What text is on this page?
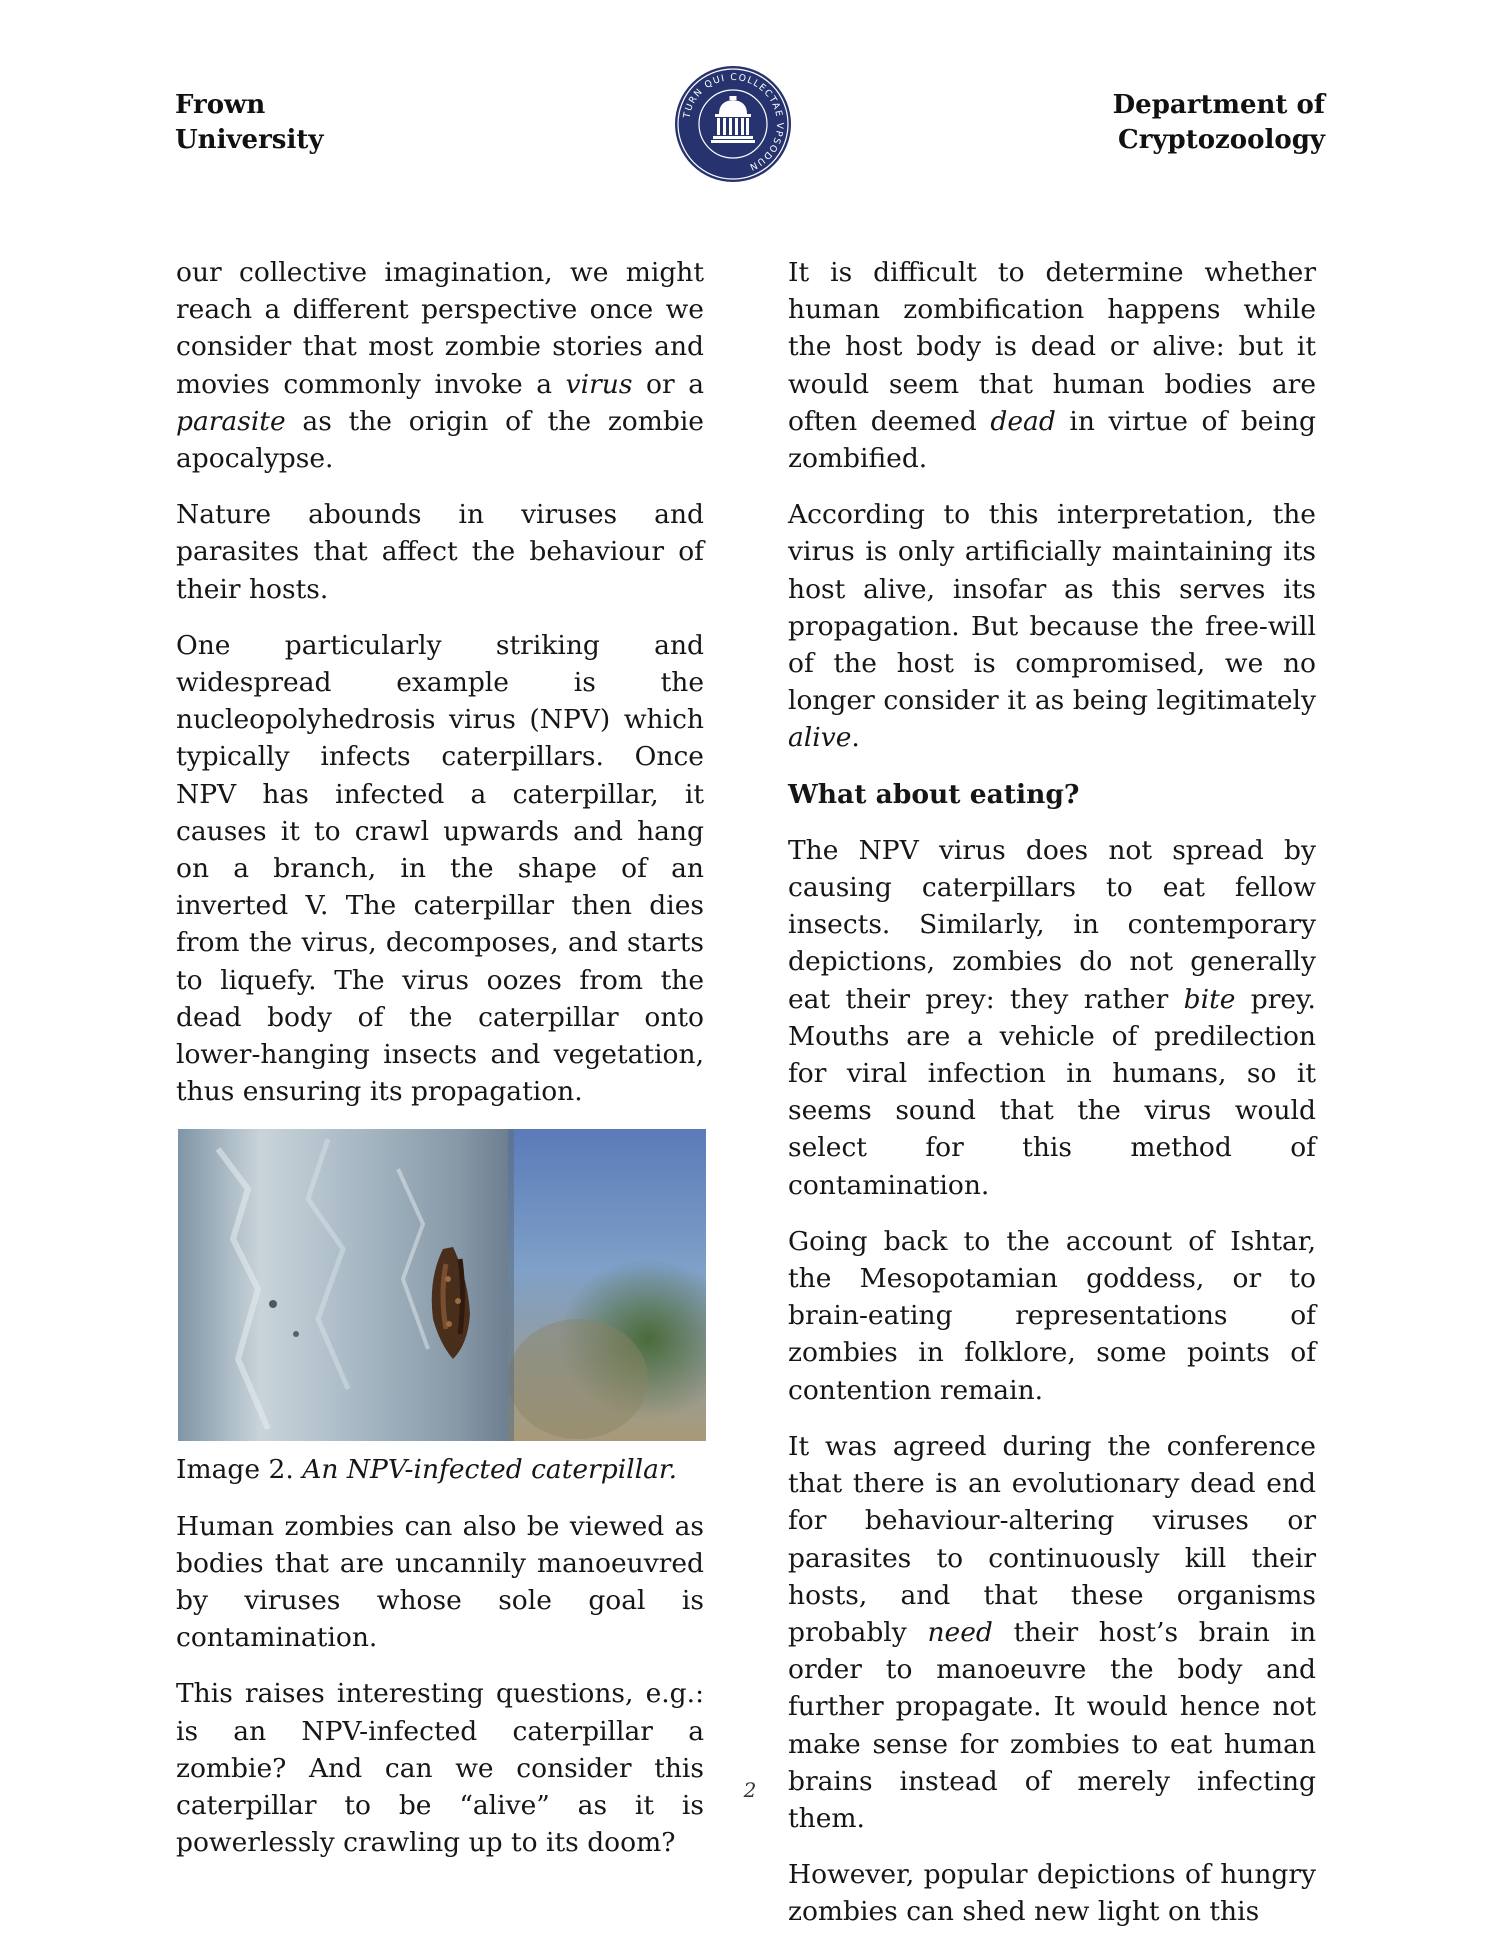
Frown
University
TURN QUI COLLECTAE VPSODUN
Department of
Cryptozoology

our collective imagination, we might reach a different perspective once we consider that most zombie stories and movies commonly invoke a virus or a parasite as the origin of the zombie apocalypse.

Nature abounds in viruses and parasites that affect the behaviour of their hosts.

One particularly striking and widespread example is the nucleopolyhedrosis virus (NPV) which typically infects caterpillars. Once NPV has infected a caterpillar, it causes it to crawl upwards and hang on a branch, in the shape of an inverted V. The caterpillar then dies from the virus, decomposes, and starts to liquefy. The virus oozes from the dead body of the caterpillar onto lower-hanging insects and vegetation, thus ensuring its propagation.

Image 2. An NPV-infected caterpillar.

Human zombies can also be viewed as bodies that are uncannily manoeuvred by viruses whose sole goal is contamination.

This raises interesting questions, e.g.: is an NPV-infected caterpillar a zombie? And can we consider this caterpillar to be “alive” as it is powerlessly crawling up to its doom?

It is difficult to determine whether human zombification happens while the host body is dead or alive: but it would seem that human bodies are often deemed dead in virtue of being zombified.

According to this interpretation, the virus is only artificially maintaining its host alive, insofar as this serves its propagation. But because the free-will of the host is compromised, we no longer consider it as being legitimately alive.

What about eating?

The NPV virus does not spread by causing caterpillars to eat fellow insects. Similarly, in contemporary depictions, zombies do not generally eat their prey: they rather bite prey. Mouths are a vehicle of predilection for viral infection in humans, so it seems sound that the virus would select for this method of contamination.

Going back to the account of Ishtar, the Mesopotamian goddess, or to brain-eating representations of zombies in folklore, some points of contention remain.

It was agreed during the conference that there is an evolutionary dead end for behaviour-altering viruses or parasites to continuously kill their hosts, and that these organisms probably need their host’s brain in order to manoeuvre the body and further propagate. It would hence not make sense for zombies to eat human brains instead of merely infecting them.

However, popular depictions of hungry zombies can shed new light on this

2
